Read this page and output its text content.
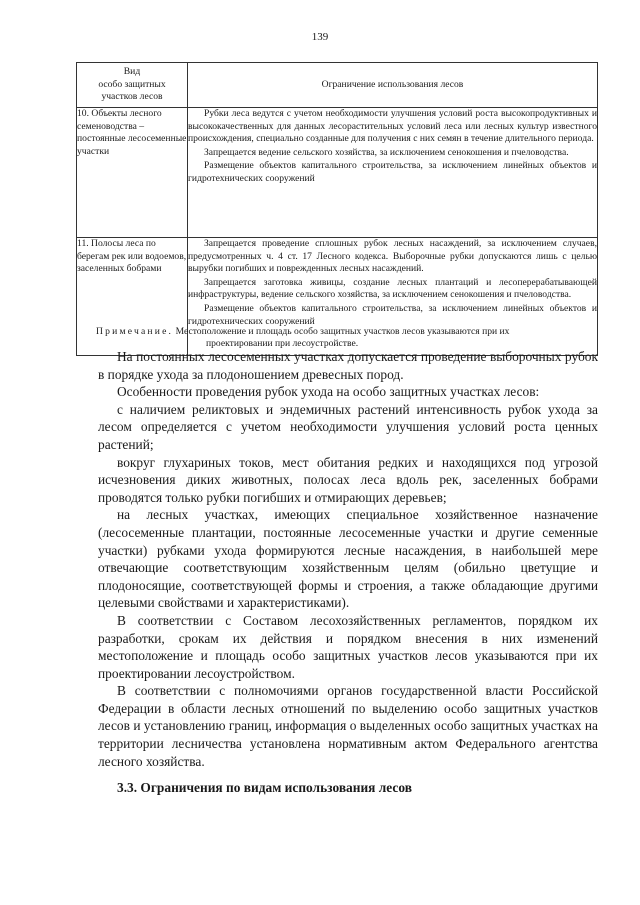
139
Вид
особо защитных
участков лесов	Ограничение использования лесов
10. Объекты лесного семеноводства – постоянные лесосеменные участки	Рубки леса ведутся с учетом необходимости улучшения условий роста высокопродуктивных и высококачественных для данных лесорастительных условий леса или лесных культур известного происхождения, специально созданные для получения с них семян в течение длительного периода.

Запрещается ведение сельского хозяйства, за исключением сенокошения и пчеловодства.

Размещение объектов капитального строительства, за исключением линейных объектов и гидротехнических сооружений

11. Полосы леса по берегам рек или водоемов, заселенных бобрами	Запрещается проведение сплошных рубок лесных насаждений, за исключением случаев, предусмотренных ч. 4 ст. 17 Лесного кодекса. Выборочные рубки допускаются лишь с целью вырубки погибших и поврежденных лесных насаждений.

Запрещается заготовка живицы, создание лесных плантаций и лесоперерабатывающей инфраструктуры, ведение сельского хозяйства, за исключением сенокошения и пчеловодства.

Размещение объектов капитального строительства, за исключением линейных объектов и гидротехнических сооружений

Примечание. Местоположение и площадь особо защитных участков лесов указываются при их
проектировании при лесоустройстве.

На постоянных лесосеменных участках допускается проведение выборочных рубок в порядке ухода за плодоношением древесных пород.

Особенности проведения рубок ухода на особо защитных участках лесов:

с наличием реликтовых и эндемичных растений интенсивность рубок ухода за лесом определяется с учетом необходимости улучшения условий роста ценных растений;

вокруг глухариных токов, мест обитания редких и находящихся под угрозой исчезновения диких животных, полосах леса вдоль рек, заселенных бобрами проводятся только рубки погибших и отмирающих деревьев;

на лесных участках, имеющих специальное хозяйственное назначение (лесосеменные плантации, постоянные лесосеменные участки и другие семенные участки) рубками ухода формируются лесные насаждения, в наибольшей мере отвечающие соответствующим хозяйственным целям (обильно цветущие и плодоносящие, соответствующей формы и строения, а также обладающие другими целевыми свойствами и характеристиками).

В соответствии с Составом лесохозяйственных регламентов, порядком их разработки, срокам их действия и порядком внесения в них изменений местоположение и площадь особо защитных участков лесов указываются при их проектировании лесоустройством.

В соответствии с полномочиями органов государственной власти Российской Федерации в области лесных отношений по выделению особо защитных участков лесов и установлению границ, информация о выделенных особо защитных участках на территории лесничества установлена нормативным актом Федерального агентства лесного хозяйства.

3.3. Ограничения по видам использования лесов
